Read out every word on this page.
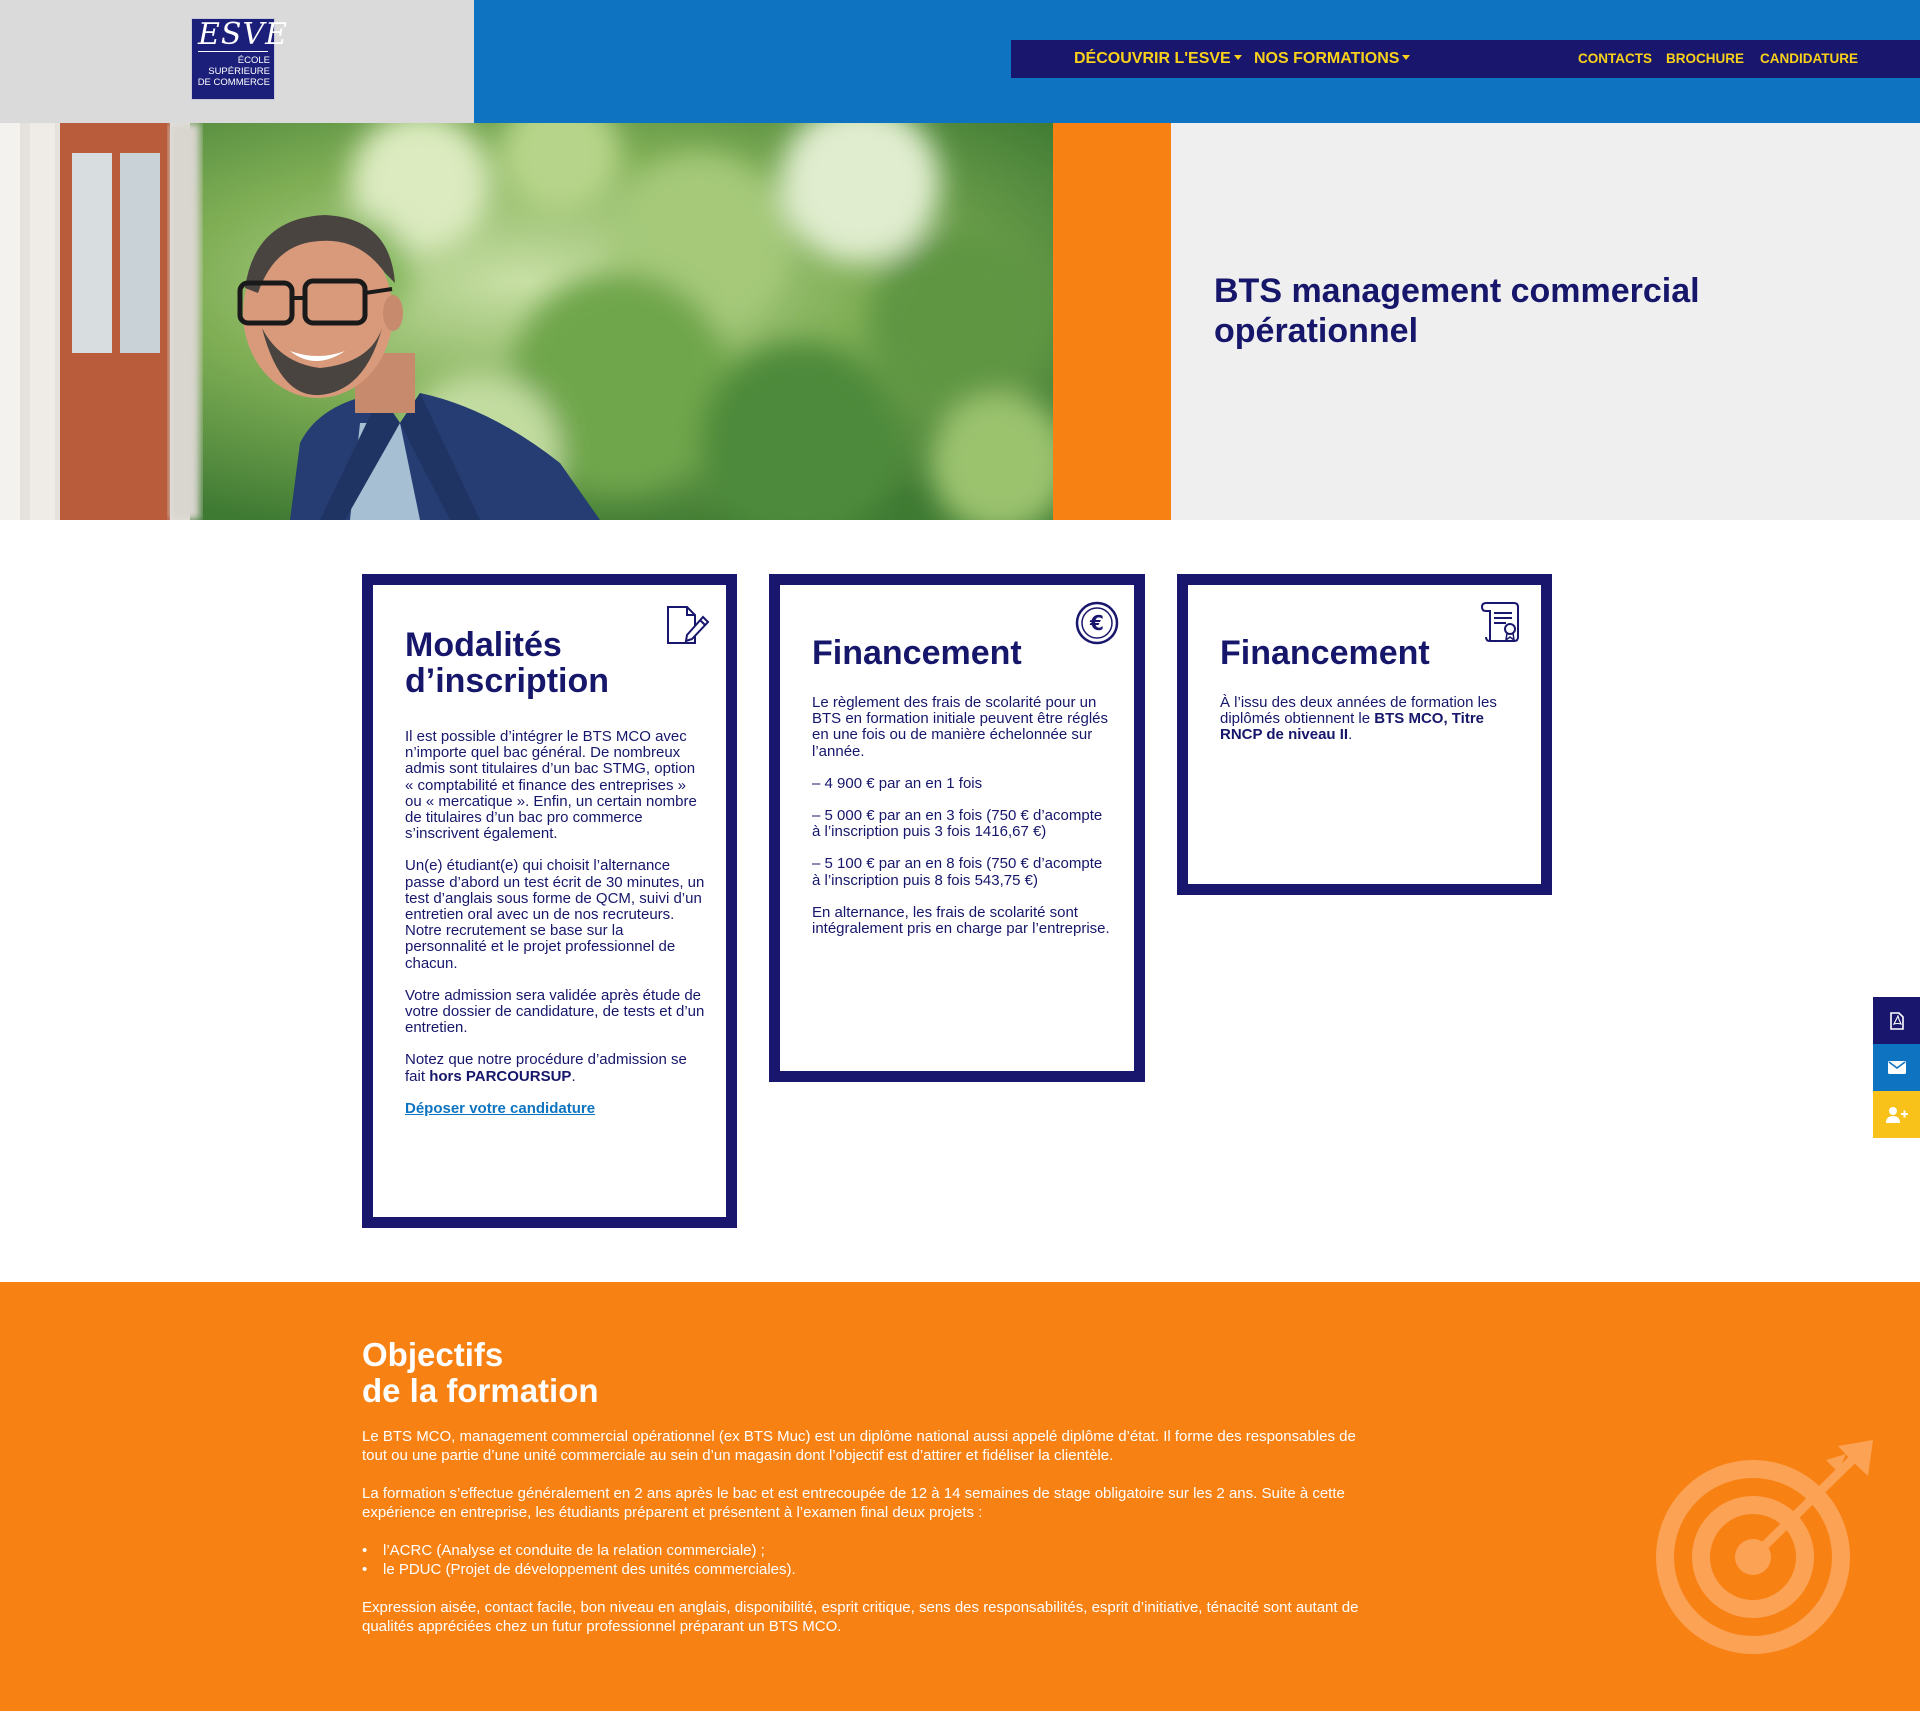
ESVE
ÉCOLE
SUPÉRIEURE
DE COMMERCE
DÉCOUVRIR L'ESVE	NOS FORMATIONS	CONTACTS BROCHURE CANDIDATURE
BTS management commercial opérationnel
Modalités
d’inscription

Il est possible d’intégrer le BTS MCO avec n’importe quel bac général. De nombreux admis sont titulaires d’un bac STMG, option « comptabilité et finance des entreprises » ou « mercatique ». Enfin, un certain nombre de titulaires d’un bac pro commerce s’inscrivent également.

Un(e) étudiant(e) qui choisit l’alternance passe d’abord un test écrit de 30 minutes, un test d’anglais sous forme de QCM, suivi d’un entretien oral avec un de nos recruteurs. Notre recrutement se base sur la personnalité et le projet professionnel de chacun.

Votre admission sera validée après étude de votre dossier de candidature, de tests et d’un entretien.

Notez que notre procédure d’admission se fait hors PARCOURSUP.

Déposer votre candidature

€
Financement

Le règlement des frais de scolarité pour un BTS en formation initiale peuvent être réglés en une fois ou de manière échelonnée sur l’année.

– 4 900 € par an en 1 fois

– 5 000 € par an en 3 fois (750 € d’acompte à l’inscription puis 3 fois 1416,67 €)

– 5 100 € par an en 8 fois (750 € d’acompte à l’inscription puis 8 fois 543,75 €)

En alternance, les frais de scolarité sont intégralement pris en charge par l’entreprise.

Financement

À l’issu des deux années de formation les diplômés obtiennent le BTS MCO, Titre RNCP de niveau II.

Objectifs
de la formation

Le BTS MCO, management commercial opérationnel (ex BTS Muc) est un diplôme national aussi appelé diplôme d’état. Il forme des responsables de tout ou une partie d’une unité commerciale au sein d’un magasin dont l’objectif est d’attirer et fidéliser la clientèle.

La formation s’effectue généralement en 2 ans après le bac et est entrecoupée de 12 à 14 semaines de stage obligatoire sur les 2 ans. Suite à cette expérience en entreprise, les étudiants préparent et présentent à l’examen final deux projets :

• l’ACRC (Analyse et conduite de la relation commerciale) ;
• le PDUC (Projet de développement des unités commerciales).

Expression aisée, contact facile, bon niveau en anglais, disponibilité, esprit critique, sens des responsabilités, esprit d’initiative, ténacité sont autant de qualités appréciées chez un futur professionnel préparant un BTS MCO.
